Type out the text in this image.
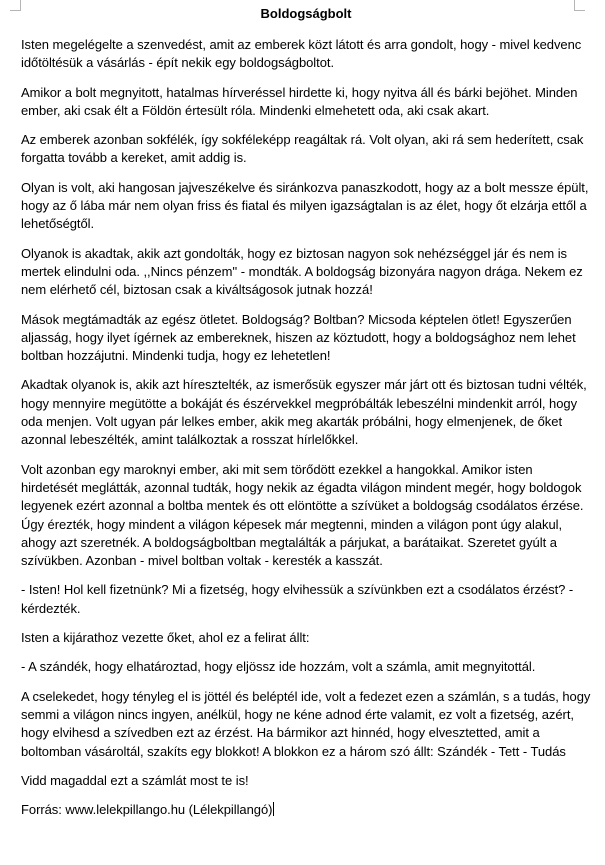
Boldogságbolt

Isten megelégelte a szenvedést, amit az emberek közt látott és arra gondolt, hogy - mivel kedvenc időtöltésük a vásárlás - épít nekik egy boldogságboltot.

Amikor a bolt megnyitott, hatalmas hírveréssel hirdette ki, hogy nyitva áll és bárki bejöhet. Minden ember, aki csak élt a Földön értesült róla. Mindenki elmehetett oda, aki csak akart.

Az emberek azonban sokfélék, így sokféleképp reagáltak rá. Volt olyan, aki rá sem hederített, csak forgatta tovább a kereket, amit addig is.

Olyan is volt, aki hangosan jajveszékelve és siránkozva panaszkodott, hogy az a bolt messze épült, hogy az ő lába már nem olyan friss és fiatal és milyen igazságtalan is az élet, hogy őt elzárja ettől a lehetőségtől.

Olyanok is akadtak, akik azt gondolták, hogy ez biztosan nagyon sok nehézséggel jár és nem is mertek elindulni oda. ,,Nincs pénzem'' - mondták. A boldogság bizonyára nagyon drága. Nekem ez nem elérhető cél, biztosan csak a kiváltságosok jutnak hozzá!

Mások megtámadták az egész ötletet. Boldogság? Boltban? Micsoda képtelen ötlet! Egyszerűen aljasság, hogy ilyet ígérnek az embereknek, hiszen az köztudott, hogy a boldogsághoz nem lehet boltban hozzájutni. Mindenki tudja, hogy ez lehetetlen!

Akadtak olyanok is, akik azt híresztelték, az ismerősük egyszer már járt ott és biztosan tudni vélték, hogy mennyire megütötte a bokáját és észérvekkel megpróbálták lebeszélni mindenkit arról, hogy oda menjen. Volt ugyan pár lelkes ember, akik meg akarták próbálni, hogy elmenjenek, de őket azonnal lebeszélték, amint találkoztak a rosszat hírlelőkkel.

Volt azonban egy maroknyi ember, aki mit sem törődött ezekkel a hangokkal. Amikor isten hirdetését meglátták, azonnal tudták, hogy nekik az égadta világon mindent megér, hogy boldogok legyenek ezért azonnal a boltba mentek és ott elöntötte a szívüket a boldogság csodálatos érzése. Úgy érezték, hogy mindent a világon képesek már megtenni, minden a világon pont úgy alakul, ahogy azt szeretnék. A boldogságboltban megtalálták a párjukat, a barátaikat. Szeretet gyúlt a szívükben. Azonban - mivel boltban voltak - keresték a kasszát.

- Isten! Hol kell fizetnünk? Mi a fizetség, hogy elvihessük a szívünkben ezt a csodálatos érzést? - kérdezték.

Isten a kijárathoz vezette őket, ahol ez a felirat állt:

- A szándék, hogy elhatároztad, hogy eljössz ide hozzám, volt a számla, amit megnyitottál.

A cselekedet, hogy tényleg el is jöttél és beléptél ide, volt a fedezet ezen a számlán, s a tudás, hogy semmi a világon nincs ingyen, anélkül, hogy ne kéne adnod érte valamit, ez volt a fizetség, azért, hogy elvihesd a szívedben ezt az érzést. Ha bármikor azt hinnéd, hogy elvesztetted, amit a boltomban vásároltál, szakíts egy blokkot! A blokkon ez a három szó állt: Szándék - Tett - Tudás

Vidd magaddal ezt a számlát most te is!

Forrás: www.lelekpillango.hu (Lélekpillangó)
